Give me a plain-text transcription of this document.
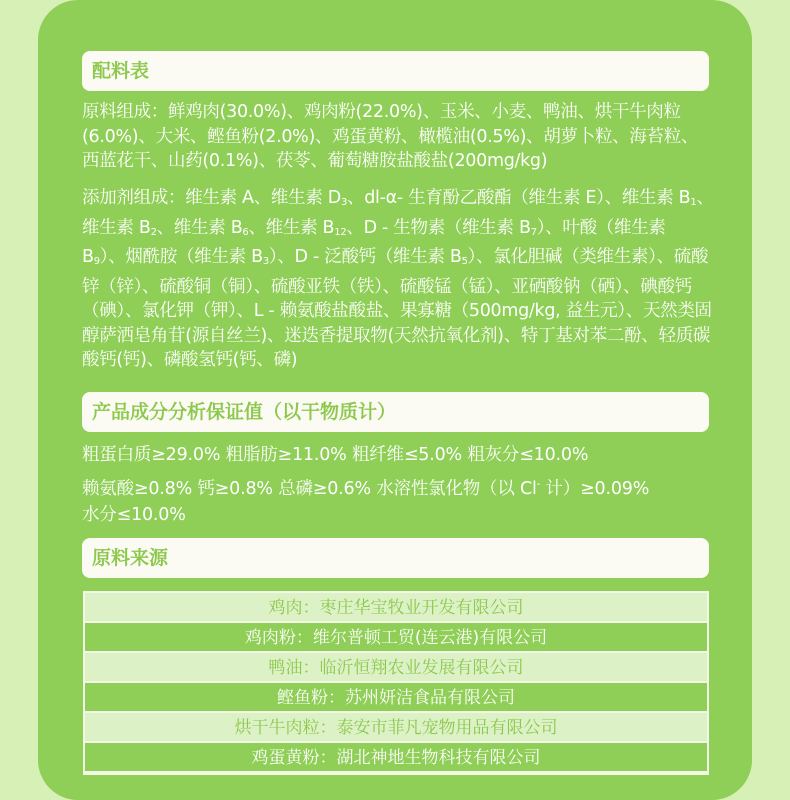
配料表

原料组成：鲜鸡肉(30.0%)、鸡肉粉(22.0%)、玉米、小麦、鸭油、烘干牛肉粒(6.0%)、大米、鲣鱼粉(2.0%)、鸡蛋黄粉、橄榄油(0.5%)、胡萝卜粒、海苔粒、西蓝花干、山药(0.1%)、茯苓、葡萄糖胺盐酸盐(200mg/kg)

添加剂组成：维生素 A、维生素 $D_3$、dl-α- 生育酚乙酸酯（维生素 E）、维生素 $B_1$、维生素 $B_2$、维生素 $B_6$、维生素 $B_{12}$、D - 生物素（维生素 $B_7$）、叶酸（维生素 $B_9$）、烟酰胺（维生素 $B_3$）、D - 泛酸钙（维生素 $B_5$）、氯化胆碱（类维生素）、硫酸锌（锌）、硫酸铜（铜）、硫酸亚铁（铁）、硫酸锰（锰）、亚硒酸钠（硒）、碘酸钙（碘）、氯化钾（钾）、L - 赖氨酸盐酸盐、果寡糖（500mg/kg, 益生元）、天然类固醇萨洒皂角苷(源自丝兰)、迷迭香提取物(天然抗氧化剂)、特丁基对苯二酚、轻质碳酸钙(钙)、磷酸氢钙(钙、磷)

产品成分分析保证值（以干物质计）
粗蛋白质≥29.0% 粗脂肪≥11.0% 粗纤维≤5.0% 粗灰分≤10.0%
赖氨酸≥0.8% 钙≥0.8% 总磷≥0.6% 水溶性氯化物（以 Cl- 计）≥0.09%
水分≤10.0%
原料来源
鸡肉：枣庄华宝牧业开发有限公司
鸡肉粉：维尔普顿工贸(连云港)有限公司
鸭油：临沂恒翔农业发展有限公司
鲣鱼粉：苏州妍洁食品有限公司
烘干牛肉粒：泰安市菲凡宠物用品有限公司
鸡蛋黄粉：湖北神地生物科技有限公司
